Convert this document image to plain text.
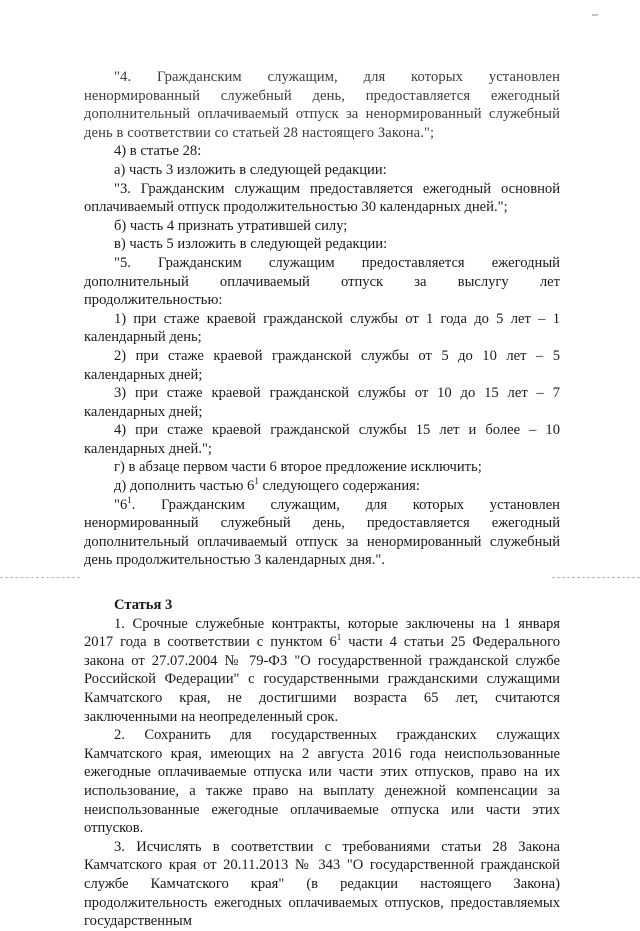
"4. Гражданским служащим, для которых установлен ненормированный служебный день, предоставляется ежегодный дополнительный оплачиваемый отпуск за ненормированный служебный день в соответствии со статьей 28 настоящего Закона.";

4) в статье 28:

а) часть 3 изложить в следующей редакции:

"3. Гражданским служащим предоставляется ежегодный основной оплачиваемый отпуск продолжительностью 30 календарных дней.";

б) часть 4 признать утратившей силу;

в) часть 5 изложить в следующей редакции:

"5. Гражданским служащим предоставляется ежегодный дополнительный оплачиваемый отпуск за выслугу лет продолжительностью:

1) при стаже краевой гражданской службы от 1 года до 5 лет – 1 календарный день;

2) при стаже краевой гражданской службы от 5 до 10 лет – 5 календарных дней;

3) при стаже краевой гражданской службы от 10 до 15 лет – 7 календарных дней;

4) при стаже краевой гражданской службы 15 лет и более – 10 календарных дней.";

г) в абзаце первом части 6 второе предложение исключить;

д) дополнить частью $6^1$ следующего содержания:

"$6^1$. Гражданским служащим, для которых установлен ненормированный служебный день, предоставляется ежегодный дополнительный оплачиваемый отпуск за ненормированный служебный день продолжительностью 3 календарных дня.".

Статья 3

1. Срочные служебные контракты, которые заключены на 1 января 2017 года в соответствии с пунктом $6^1$ части 4 статьи 25 Федерального закона от 27.07.2004 № 79-ФЗ "О государственной гражданской службе Российской Федерации" с государственными гражданскими служащими Камчатского края, не достигшими возраста 65 лет, считаются заключенными на неопределенный срок.

2. Сохранить для государственных гражданских служащих Камчатского края, имеющих на 2 августа 2016 года неиспользованные ежегодные оплачиваемые отпуска или части этих отпусков, право на их использование, а также право на выплату денежной компенсации за неиспользованные ежегодные оплачиваемые отпуска или части этих отпусков.

3. Исчислять в соответствии с требованиями статьи 28 Закона Камчатского края от 20.11.2013 № 343 "О государственной гражданской службе Камчатского края" (в редакции настоящего Закона) продолжительность ежегодных оплачиваемых отпусков, предоставляемых государственным
